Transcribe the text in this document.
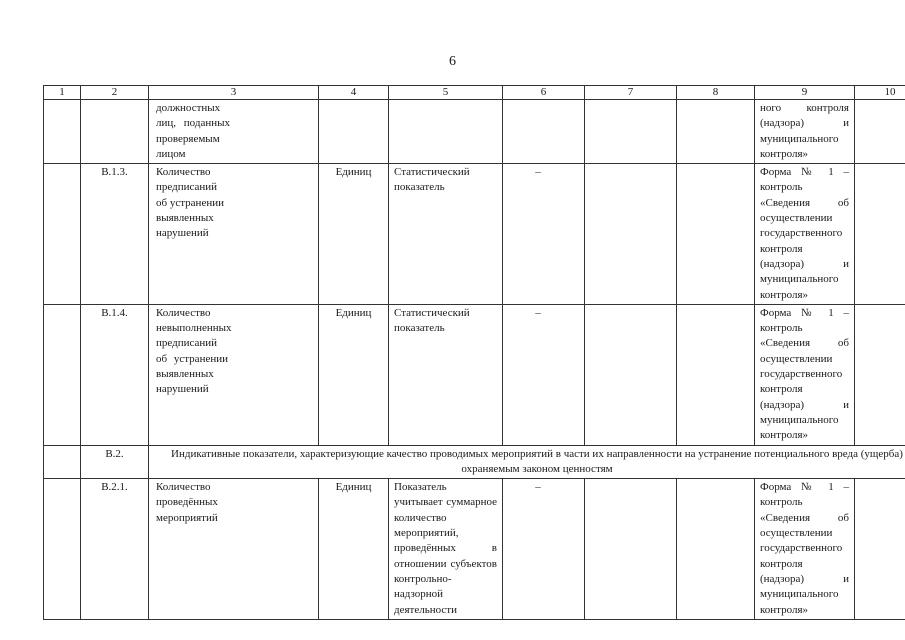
6
1	2	3	4	5	6	7	8	9	10
		должностных лиц, поданных проверяемым лицом						ного контроля (надзора) и муниципального контроля»	
	В.1.3.	Количество предписаний об устранении выявленных нарушений	Единиц	Статистический показатель	–			Форма № 1 – контроль «Сведения об осуществлении государственного контроля (надзора) и муниципального контроля»	
	В.1.4.	Количество невыполненных предписаний об устранении выявленных нарушений	Единиц	Статистический показатель	–			Форма № 1 – контроль «Сведения об осуществлении государственного контроля (надзора) и муниципального контроля»	
	В.2.	Индикативные показатели, характеризующие качество проводимых мероприятий в части их направленности на устранение потенциального вреда (ущерба) охраняемым законом ценностям							
	В.2.1.	Количество проведённых мероприятий	Единиц	Показатель учитывает суммарное количество мероприятий, проведённых в отношении субъектов контрольно-надзорной деятельности	–			Форма № 1 – контроль «Сведения об осуществлении государственного контроля (надзора) и муниципального контроля»	
